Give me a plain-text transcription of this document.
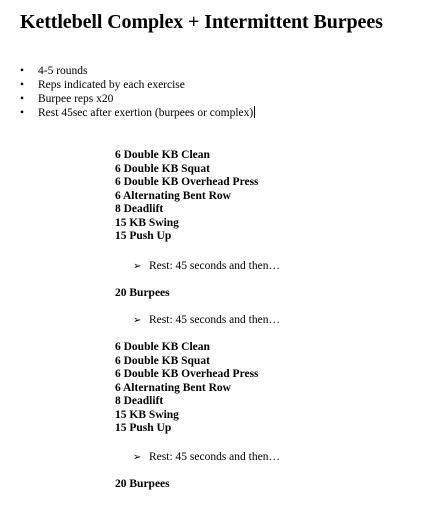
Kettlebell Complex + Intermittent Burpees
• 4-5 rounds
• Reps indicated by each exercise
• Burpee reps x20
• Rest 45sec after exertion (burpees or complex)
6 Double KB Clean
6 Double KB Squat
6 Double KB Overhead Press
6 Alternating Bent Row
8 Deadlift
15 KB Swing
15 Push Up
➢ Rest: 45 seconds and then…
20 Burpees
➢ Rest: 45 seconds and then…
6 Double KB Clean
6 Double KB Squat
6 Double KB Overhead Press
6 Alternating Bent Row
8 Deadlift
15 KB Swing
15 Push Up
➢ Rest: 45 seconds and then…
20 Burpees
